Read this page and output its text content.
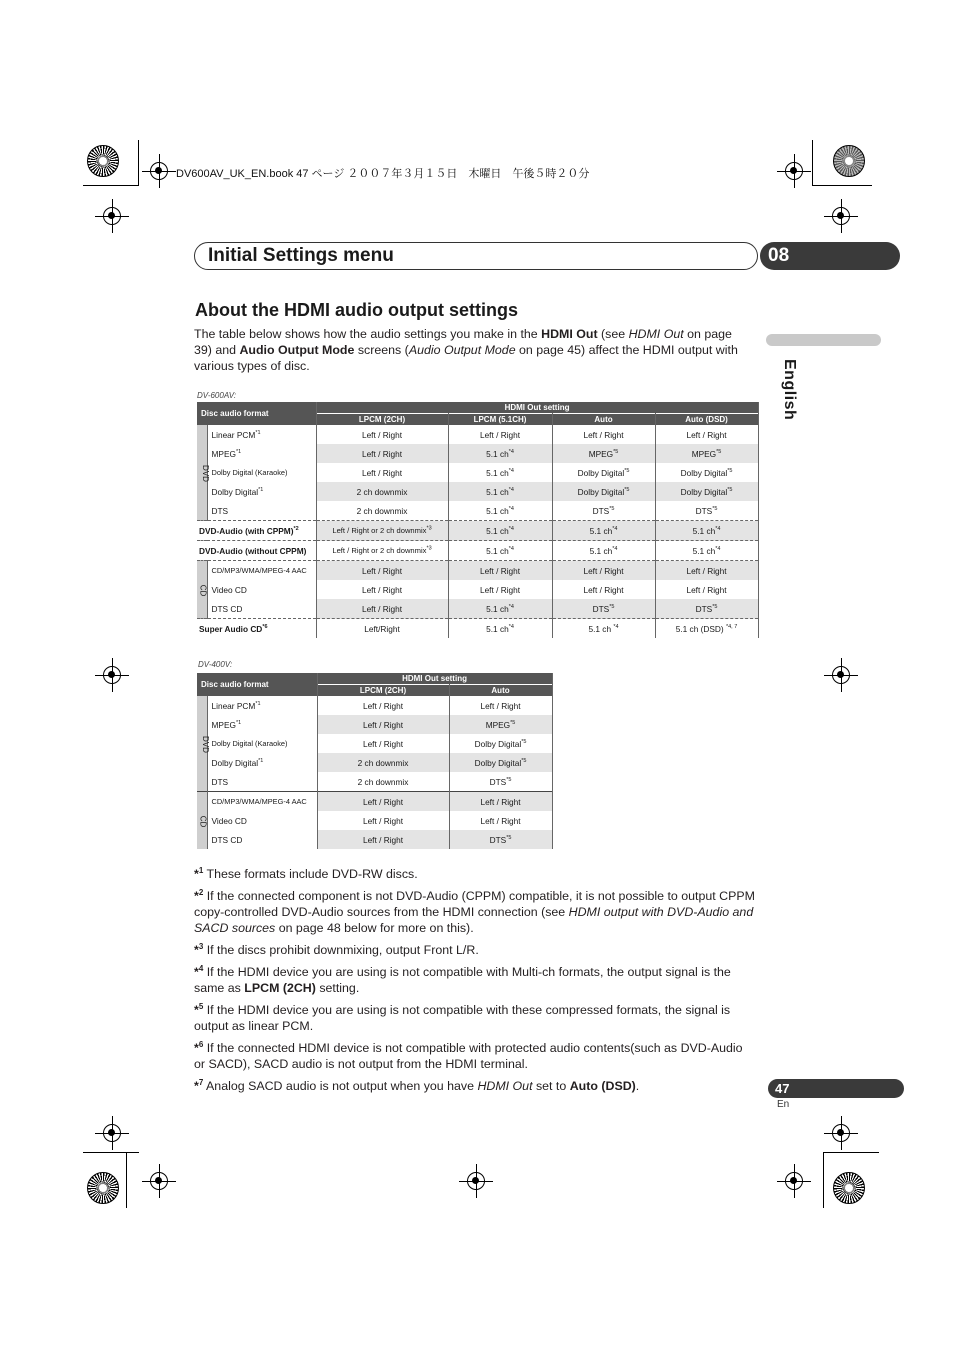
DV600AV_UK_EN.book 47 ページ ２００７年３月１５日　木曜日　午後５時２０分
Initial Settings menu	08
English
About the HDMI audio output settings

The table below shows how the audio settings you make in the HDMI Out (see HDMI Out on page 39) and Audio Output Mode screens (Audio Output Mode on page 45) affect the HDMI output with various types of disc.

DV-600AV:
Disc audio format		HDMI Out setting			
		LPCM (2CH)	LPCM (5.1CH)	Auto	Auto (DSD)
DVD	Linear PCM$^{*1}$	Left / Right	Left / Right	Left / Right	Left / Right
	MPEG$^{*1}$	Left / Right	5.1 $ch^{*4}$	MPEG$^{*5}$	MPEG$^{*5}$
	Dolby Digital (Karaoke)	Left / Right	5.1 $ch^{*4}$	Dolby Digital$^{*5}$	Dolby Digital$^{*5}$
	Dolby Digital$^{*1}$	2 ch downmix	5.1 $ch^{*4}$	Dolby Digital$^{*5}$	Dolby Digital$^{*5}$
	DTS	2 ch downmix	5.1 $ch^{*4}$	DTS$^{*5}$	DTS$^{*5}$
DVD-Audio (with CPPM)$^{*2}$		Left / Right or 2 ch downmix$^{*3}$	5.1 $ch^{*4}$	5.1 $ch^{*4}$	5.1 $ch^{*4}$
DVD-Audio (without CPPM)		Left / Right or 2 ch downmix$^{*3}$	5.1 $ch^{*4}$	5.1 $ch^{*4}$	5.1 $ch^{*4}$
CD	CD/MP3/WMA/MPEG-4 AAC	Left / Right	Left / Right	Left / Right	Left / Right
	Video CD	Left / Right	Left / Right	Left / Right	Left / Right
	DTS CD	Left / Right	5.1 $ch^{*4}$	DTS$^{*5}$	DTS$^{*5}$
Super Audio CD$^{*6}$		Left/Right	5.1 $ch^{*4}$	5.1 ch $^{*4}$	5.1 ch (DSD) $^{*4, 7}$
DV-400V:
Disc audio format		HDMI Out setting	
		LPCM (2CH)	Auto
DVD	Linear PCM$^{*1}$	Left / Right	Left / Right
	MPEG$^{*1}$	Left / Right	MPEG$^{*5}$
	Dolby Digital (Karaoke)	Left / Right	Dolby Digital$^{*5}$
	Dolby Digital$^{*1}$	2 ch downmix	Dolby Digital$^{*5}$
	DTS	2 ch downmix	DTS$^{*5}$
CD	CD/MP3/WMA/MPEG-4 AAC	Left / Right	Left / Right
	Video CD	Left / Right	Left / Right
	DTS CD	Left / Right	DTS$^{*5}$

*$^1$ These formats include DVD-RW discs.

*$^2$ If the connected component is not DVD-Audio (CPPM) compatible, it is not possible to output CPPM copy-controlled DVD-Audio sources from the HDMI connection (see HDMI output with DVD-Audio and SACD sources on page 48 below for more on this).

*$^3$ If the discs prohibit downmixing, output Front L/R.

*$^4$ If the HDMI device you are using is not compatible with Multi-ch formats, the output signal is the same as LPCM (2CH) setting.

*$^5$ If the HDMI device you are using is not compatible with these compressed formats, the signal is output as linear PCM.

*$^6$ If the connected HDMI device is not compatible with protected audio contents(such as DVD-Audio or SACD), SACD audio is not output from the HDMI terminal.

*$^7$ Analog SACD audio is not output when you have HDMI Out set to Auto (DSD).	47
En
